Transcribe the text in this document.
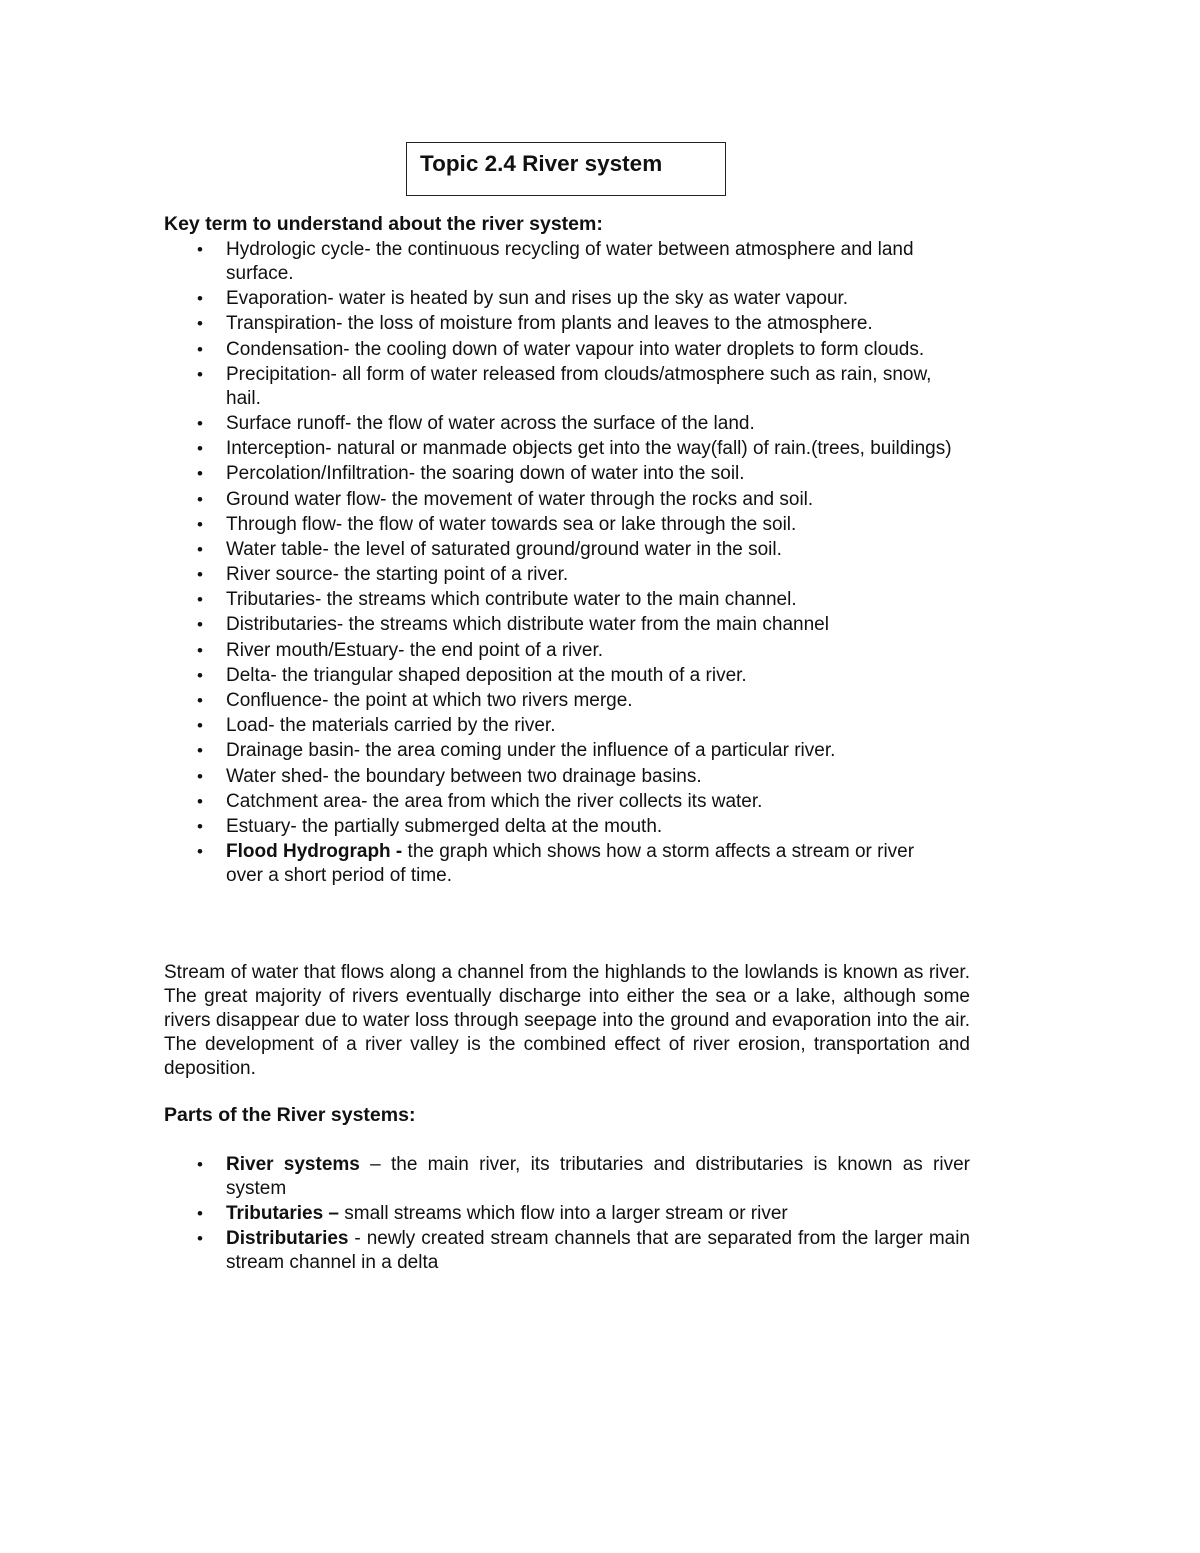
Topic 2.4 River system
Key term to understand about the river system:
• Hydrologic cycle- the continuous recycling of water between atmosphere and land surface.
• Evaporation- water is heated by sun and rises up the sky as water vapour.
• Transpiration- the loss of moisture from plants and leaves to the atmosphere.
• Condensation- the cooling down of water vapour into water droplets to form clouds.
• Precipitation- all form of water released from clouds/atmosphere such as rain, snow, hail.
• Surface runoff- the flow of water across the surface of the land.
• Interception- natural or manmade objects get into the way(fall) of rain.(trees, buildings)
• Percolation/Infiltration- the soaring down of water into the soil.
• Ground water flow- the movement of water through the rocks and soil.
• Through flow- the flow of water towards sea or lake through the soil.
• Water table- the level of saturated ground/ground water in the soil.
• River source- the starting point of a river.
• Tributaries- the streams which contribute water to the main channel.
• Distributaries- the streams which distribute water from the main channel
• River mouth/Estuary- the end point of a river.
• Delta- the triangular shaped deposition at the mouth of a river.
• Confluence- the point at which two rivers merge.
• Load- the materials carried by the river.
• Drainage basin- the area coming under the influence of a particular river.
• Water shed- the boundary between two drainage basins.
• Catchment area- the area from which the river collects its water.
• Estuary- the partially submerged delta at the mouth.
• Flood Hydrograph - the graph which shows how a storm affects a stream or river over a short period of time.

Stream of water that flows along a channel from the highlands to the lowlands is known as river. The great majority of rivers eventually discharge into either the sea or a lake, although some rivers disappear due to water loss through seepage into the ground and evaporation into the air. The development of a river valley is the combined effect of river erosion, transportation and deposition.

Parts of the River systems:
• River systems – the main river, its tributaries and distributaries is known as river system
• Tributaries – small streams which flow into a larger stream or river
• Distributaries - newly created stream channels that are separated from the larger main stream channel in a delta
